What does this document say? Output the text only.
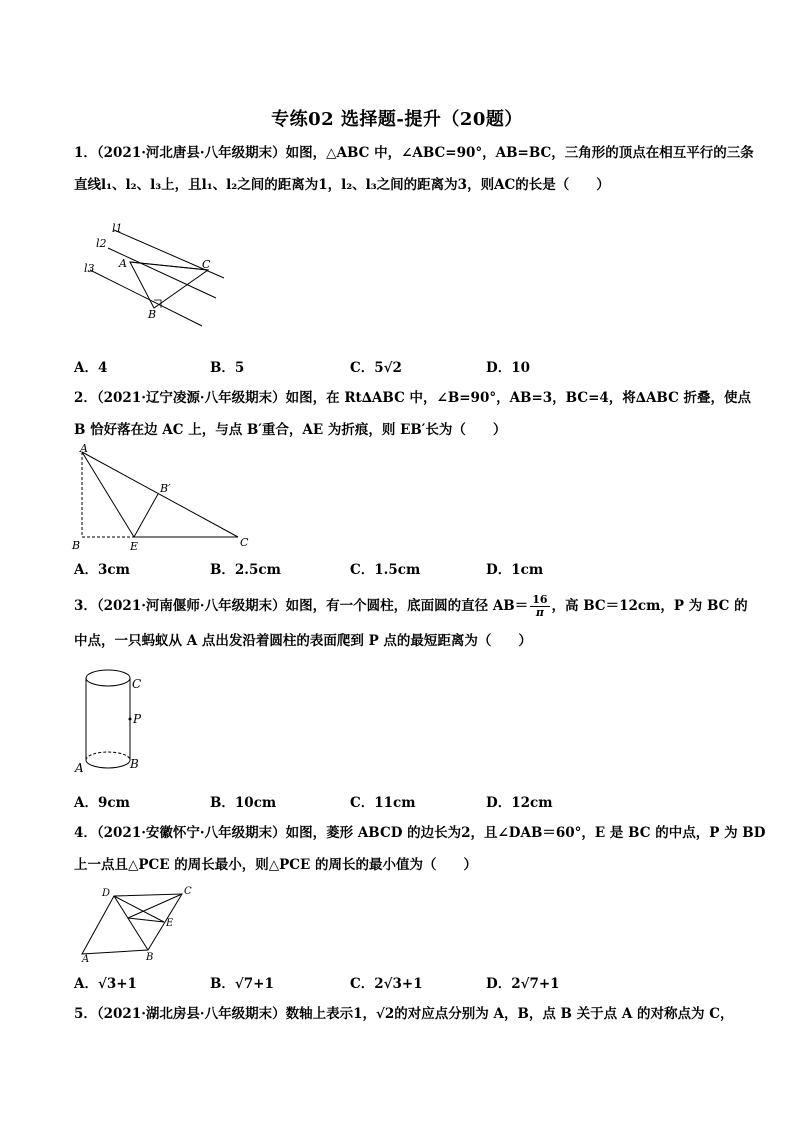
专练02 选择题-提升（20题）
1．（2021·河北唐县·八年级期末）如图，△ABC 中，∠ABC=90°，AB=BC，三角形的顶点在相互平行的三条
直线l₁、l₂、l₃上，且l₁、l₂之间的距离为1，l₂、l₃之间的距离为3，则AC的长是（　　）
l1
l2
l3 A	C
B
A．4	B．5	C．5√2	D．10
2．（2021·辽宁凌源·八年级期末）如图，在 Rt∆ABC 中，∠B=90°，AB=3，BC=4，将∆ABC 折叠，使点
B 恰好落在边 AC 上，与点 B′重合，AE 为折痕，则 EB′长为（　　）
A
B	E	C
B′
A．3cm	B．2.5cm	C．1.5cm	D．1cm
3．（2021·河南偃师·八年级期末）如图，有一个圆柱，底面圆的直径 $AB= \frac{16}{\pi}$ ，高 BC＝12cm，P 为 BC 的
中点，一只蚂蚁从 A 点出发沿着圆柱的表面爬到 P 点的最短距离为（　　）
C
P
A	B
A．9cm	B．10cm	C．11cm	D．12cm
4．（2021·安徽怀宁·八年级期末）如图，菱形 ABCD 的边长为2，且∠DAB＝60°，E 是 BC 的中点，P 为 BD
上一点且△PCE 的周长最小，则△PCE 的周长的最小值为（　　）
D	C
E
B
A
A．√3+1	B．√7+1	C．2√3+1	D．2√7+1
5．（2021·湖北房县·八年级期末）数轴上表示1，√2的对应点分别为 A，B，点 B 关于点 A 的对称点为 C，
